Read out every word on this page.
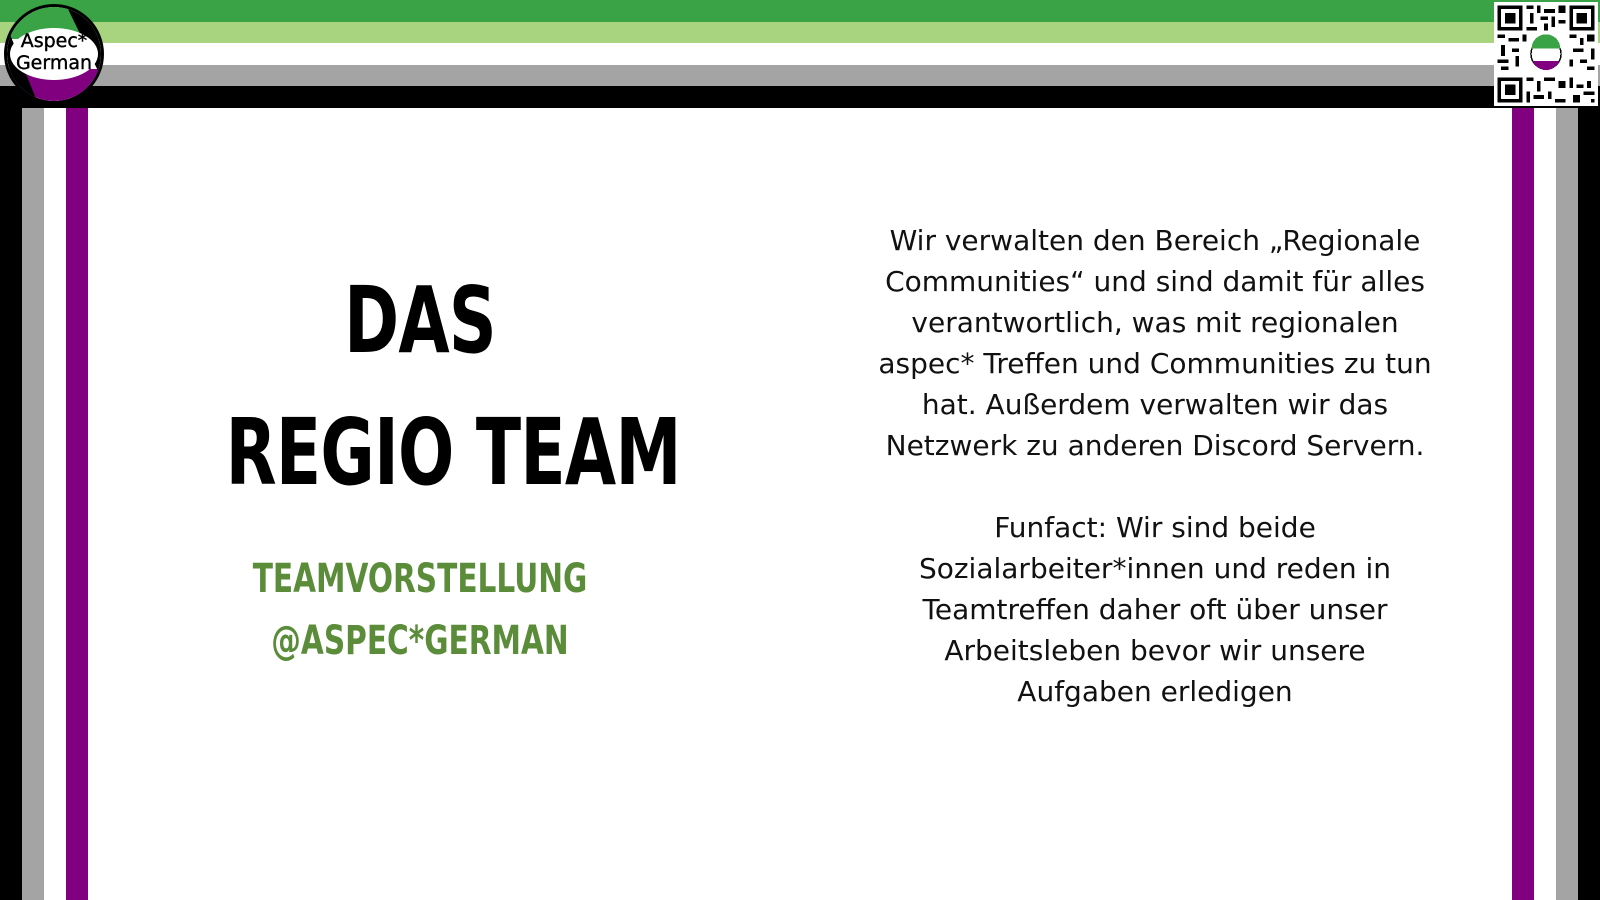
Aspec*
German
DAS
REGIO TEAM
TEAMVORSTELLUNG
@ASPEC*GERMAN

Wir verwalten den Bereich „Regionale

Communities“ und sind damit für alles

verantwortlich, was mit regionalen

aspec* Treffen und Communities zu tun

hat. Außerdem verwalten wir das

Netzwerk zu anderen Discord Servern.

Funfact: Wir sind beide

Sozialarbeiter*innen und reden in

Teamtreffen daher oft über unser

Arbeitsleben bevor wir unsere

Aufgaben erledigen
